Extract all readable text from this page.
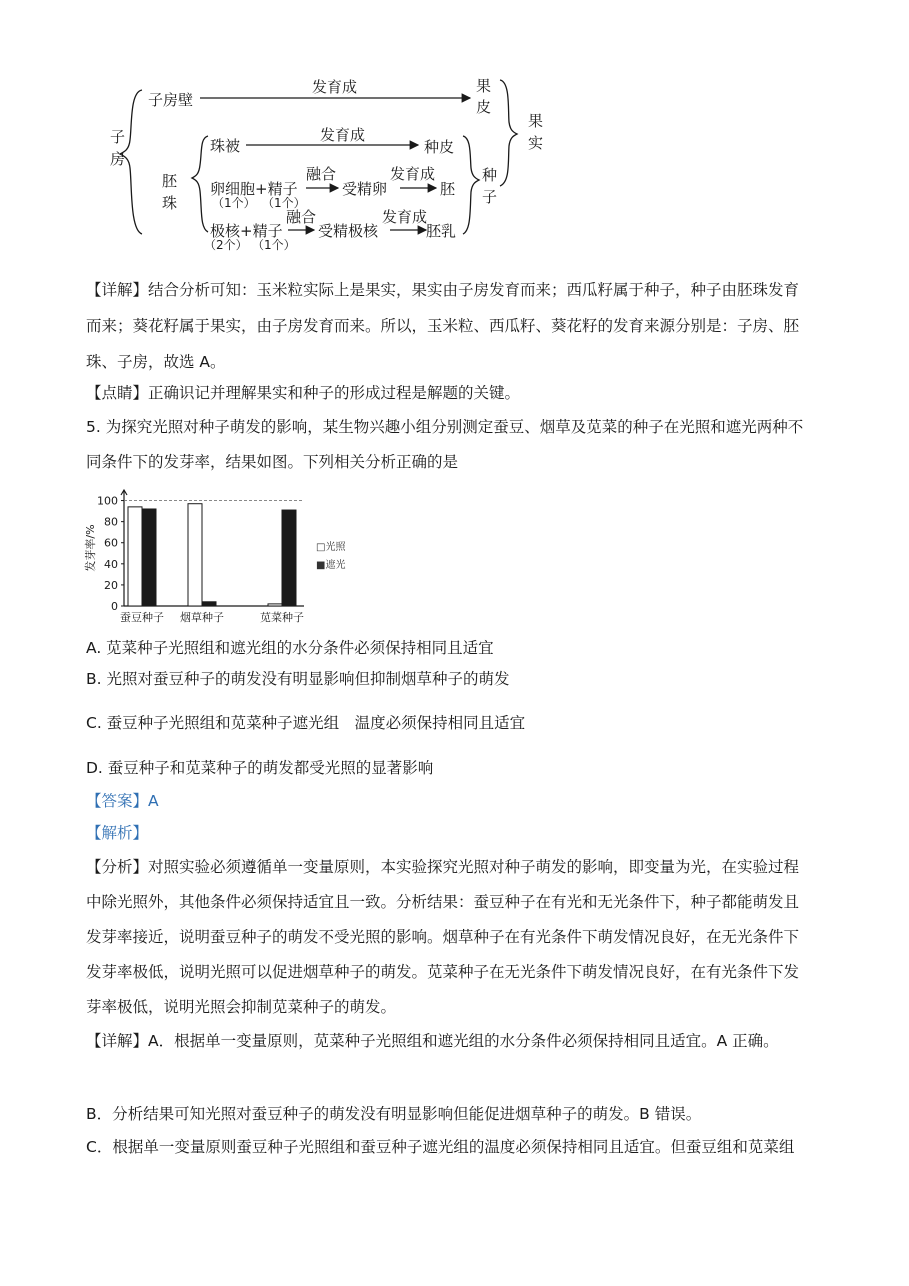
子房
子房壁
发育成	果皮
果实
珠被
发育成
种皮
胚珠
卵细胞+精子
（1个） （1个）
融合
受精卵
发育成
胚
种子
极核+精子
（2个） （1个）
融合
受精极核
发育成
胚乳
【详解】结合分析可知：玉米粒实际上是果实，果实由子房发育而来；西瓜籽属于种子，种子由胚珠发育
而来；葵花籽属于果实，由子房发育而来。所以，玉米粒、西瓜籽、葵花籽的发育来源分别是：子房、胚
珠、子房，故选 A。
【点睛】正确识记并理解果实和种子的形成过程是解题的关键。
5. 为探究光照对种子萌发的影响，某生物兴趣小组分别测定蚕豆、烟草及苋菜的种子在光照和遮光两种不
同条件下的发芽率，结果如图。下列相关分析正确的是
0
20
40
60
80
100
发芽率/%
蚕豆种子 烟草种子	苋菜种子
□光照
■遮光
A. 苋菜种子光照组和遮光组的水分条件必须保持相同且适宜
B. 光照对蚕豆种子的萌发没有明显影响但抑制烟草种子的萌发
C. 蚕豆种子光照组和苋菜种子遮光组　温度必须保持相同且适宜
D. 蚕豆种子和苋菜种子的萌发都受光照的显著影响
【答案】A
【解析】
【分析】对照实验必须遵循单一变量原则，本实验探究光照对种子萌发的影响，即变量为光，在实验过程
中除光照外，其他条件必须保持适宜且一致。分析结果：蚕豆种子在有光和无光条件下，种子都能萌发且
发芽率接近，说明蚕豆种子的萌发不受光照的影响。烟草种子在有光条件下萌发情况良好，在无光条件下
发芽率极低，说明光照可以促进烟草种子的萌发。苋菜种子在无光条件下萌发情况良好，在有光条件下发
芽率极低，说明光照会抑制苋菜种子的萌发。
【详解】A．根据单一变量原则，苋菜种子光照组和遮光组的水分条件必须保持相同且适宜。A 正确。
B．分析结果可知光照对蚕豆种子的萌发没有明显影响但能促进烟草种子的萌发。B 错误。
C．根据单一变量原则蚕豆种子光照组和蚕豆种子遮光组的温度必须保持相同且适宜。但蚕豆组和苋菜组
